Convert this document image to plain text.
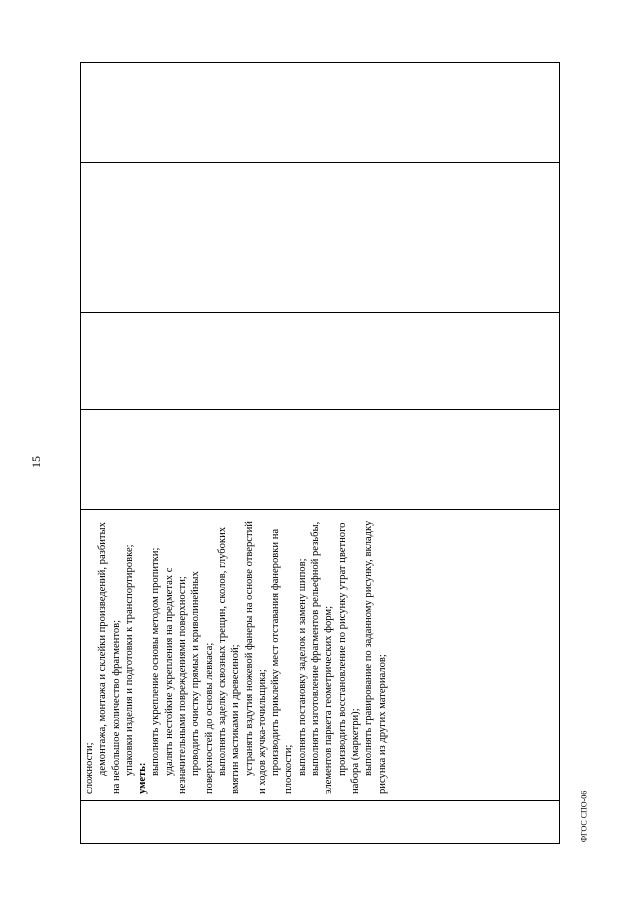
15

сложности; демонтажа, монтажа и склейки произведений, разбитых на небольшое количество фрагментов; упаковки изделия и подготовки к транспортировке;

уметь:

выполнять укрепление основы методом пропитки; удалять нестойкие укрепления на предметах с незначительными повреждениями поверхности; проводить очистку прямых и криволинейных поверхностей до основы левкаса; выполнять заделку сквозных трещин, сколов, глубоких вмятин мастиками и древесиной; устранять вздутия ножевой фанеры на основе отверстий и ходов жучка-точильщика; производить приклейку мест отставания фанеровки на плоскости; выполнять постановку заделок и замену шипов; выполнять изготовление фрагментов рельефной резьбы, элементов паркета геометрических форм; производить восстановление по рисунку утрат цветного набора (маркетри); выполнять гравирование по заданному рисунку, вкладку рисунка из других материалов;

ФГОС СПО-06
